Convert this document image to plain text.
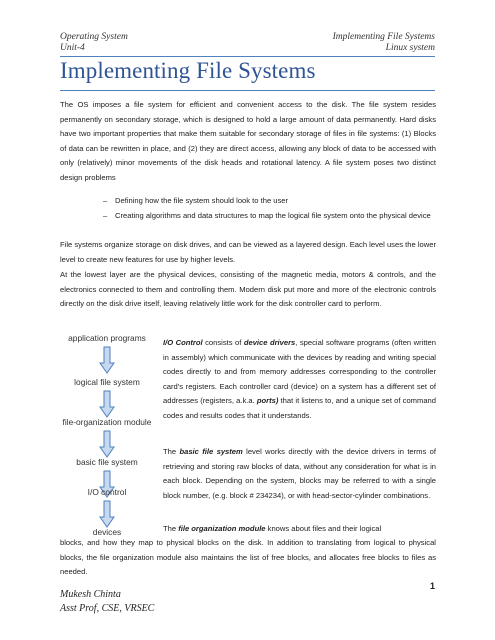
Operating System
Unit-4
Implementing File Systems
Linux system
Implementing File Systems

The OS imposes a file system for efficient and convenient access to the disk. The file system resides permanently on secondary storage, which is designed to hold a large amount of data permanently. Hard disks have two important properties that make them suitable for secondary storage of files in file systems: (1) Blocks of data can be rewritten in place, and (2) they are direct access, allowing any block of data to be accessed with only (relatively) minor movements of the disk heads and rotational latency. A file system poses two distinct design problems

– Defining how the file system should look to the user
– Creating algorithms and data structures to map the logical file system onto the physical device

File systems organize storage on disk drives, and can be viewed as a layered design. Each level uses the lower level to create new features for use by higher levels.

At the lowest layer are the physical devices, consisting of the magnetic media, motors & controls, and the electronics connected to them and controlling them. Modern disk put more and more of the electronic controls directly on the disk drive itself, leaving relatively little work for the disk controller card to perform.

application programs
logical file system
file-organization module
basic file system
I/O control
devices

I/O Control consists of device drivers, special software programs (often written in assembly) which communicate with the devices by reading and writing special codes directly to and from memory addresses corresponding to the controller card's registers. Each controller card (device) on a system has a different set of addresses (registers, a.k.a. ports) that it listens to, and a unique set of command codes and results codes that it understands.

The basic file system level works directly with the device drivers in terms of retrieving and storing raw blocks of data, without any consideration for what is in each block. Depending on the system, blocks may be referred to with a single block number, (e.g. block # 234234), or with head-sector-cylinder combinations.

The file organization module knows about files and their logical

blocks, and how they map to physical blocks on the disk. In addition to translating from logical to physical blocks, the file organization module also maintains the list of free blocks, and allocates free blocks to files as needed.

1
Mukesh Chinta
Asst Prof, CSE, VRSEC
